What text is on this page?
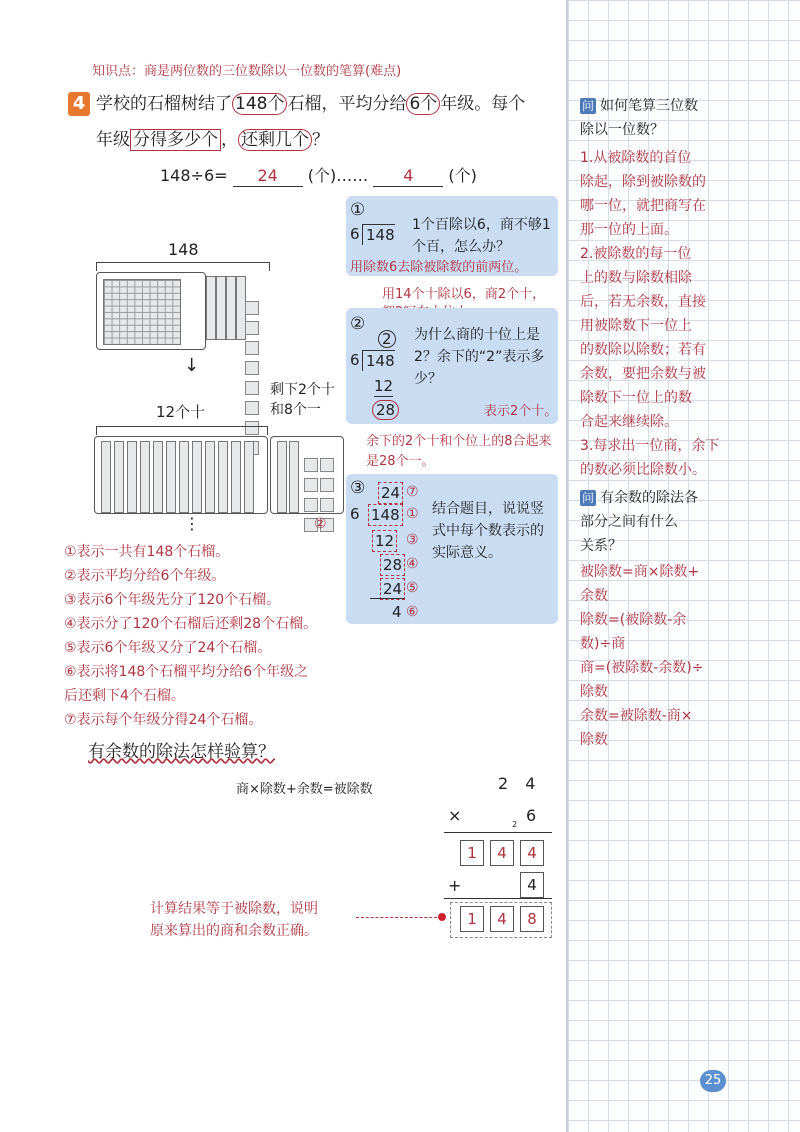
知识点：商是两位数的三位数除以一位数的笔算(难点)
4 学校的石榴树结了 148个 石榴，平均分给 6个 年级。每个
年级 分得多少个 ， 还剩几个 ？
148÷6= 24 (个)…… 4 (个)
148

↓
12个十
剩下2个十和8个一

⋮
①
6 148
1个百除以6，商不够1个百，怎么办？
用除数6去除被除数的前两位。
用14个十除以6，商2个十，
②
2
6 148
12
28
为什么商的十位上是2？余下的“2”表示多少？
表示2个十。
余下的2个十和个位上的8合起来是28个一。
③ 24 ⑦
6 148 ①
②
12 ③
28 ④
24 ⑤
4 ⑥
结合题目，说说竖式中每个数表示的实际意义。
①表示一共有148个石榴。
②表示平均分给6个年级。
③表示6个年级先分了120个石榴。
④表示分了120个石榴后还剩28个石榴。
⑤表示6个年级又分了24个石榴。
⑥表示将148个石榴平均分给6个年级之
后还剩下4个石榴。
⑦表示每个年级分得24个石榴。
有余数的除法怎样验算？
商×除数+余数=被除数	2 4
×	6
2
1	4	4
+	4
1	4	8
计算结果等于被除数，说明
原来算出的商和余数正确。
问 如何笔算三位数
除以一位数？
1.从被除数的首位
除起，除到被除数的
哪一位，就把商写在
那一位的上面。
2.被除数的每一位
上的数与除数相除
后，若无余数，直接
用被除数下一位上
的数除以除数；若有
余数，要把余数与被
除数下一位上的数
合起来继续除。
3.每求出一位商，余下
的数必须比除数小。
问 有余数的除法各
部分之间有什么
关系？
被除数=商×除数+
余数
除数=(被除数-余
数)÷商
商=(被除数-余数)÷
除数
余数=被除数-商×
除数
25
